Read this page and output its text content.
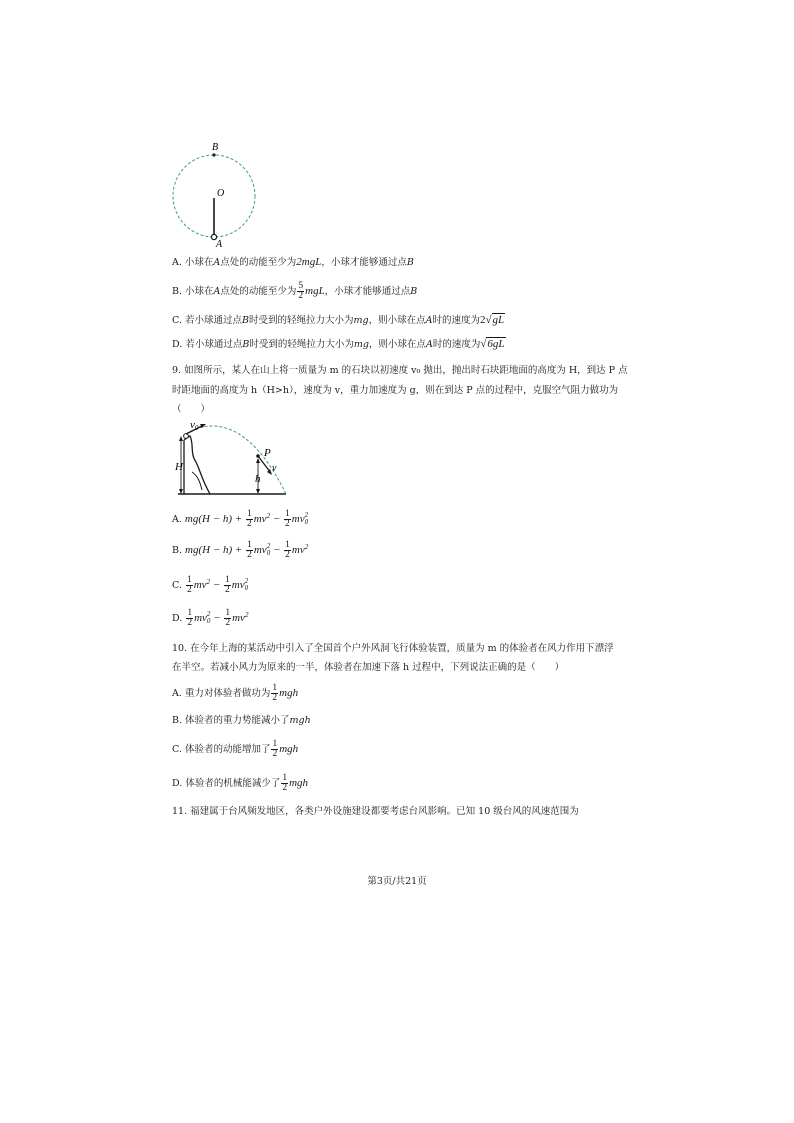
B
O
A
A. 小球在A点处的动能至少为2mgL，小球才能够通过点B
B. 小球在A点处的动能至少为 $\frac{5}{2}$ mgL，小球才能够通过点B
C. 若小球通过点B时受到的轻绳拉力大小为mg，则小球在点A时的速度为2√gL
D. 若小球通过点B时受到的轻绳拉力大小为mg，则小球在点A时的速度为√6gL
9. 如图所示，某人在山上将一质量为 m 的石块以初速度 v₀ 抛出，抛出时石块距地面的高度为 H，到达 P 点
时距地面的高度为 h（H>h），速度为 v，重力加速度为 g，则在到达 P 点的过程中，克服空气阻力做功为
（　　）
v0
P
v
H
h
A. $mg(H - h) + \frac{1}{2} mv^2 - \frac{1}{2}$ mv 2
0
B. $mg(H - h) + \frac{1}{2}$ mv 2
$0 - \frac{1}{2} mv^2$
C. $\frac{1}{2} mv^2 - \frac{1}{2}$ mv 2
0
D. $\frac{1}{2}$ mv 2
$0 - \frac{1}{2} mv^2$
10. 在今年上海的某活动中引入了全国首个户外风洞飞行体验装置，质量为 m 的体验者在风力作用下漂浮
在半空。若减小风力为原来的一半，体验者在加速下落 h 过程中，下列说法正确的是（　　）
A. 重力对体验者做功为 $\frac{1}{2}$ mgh
B. 体验者的重力势能减小了mgh
C. 体验者的动能增加了 $\frac{1}{2}$ mgh
D. 体验者的机械能减少了 $\frac{1}{2}$ mgh
11. 福建属于台风频发地区，各类户外设施建设都要考虑台风影响。已知 10 级台风的风速范围为
第3页/共21页
